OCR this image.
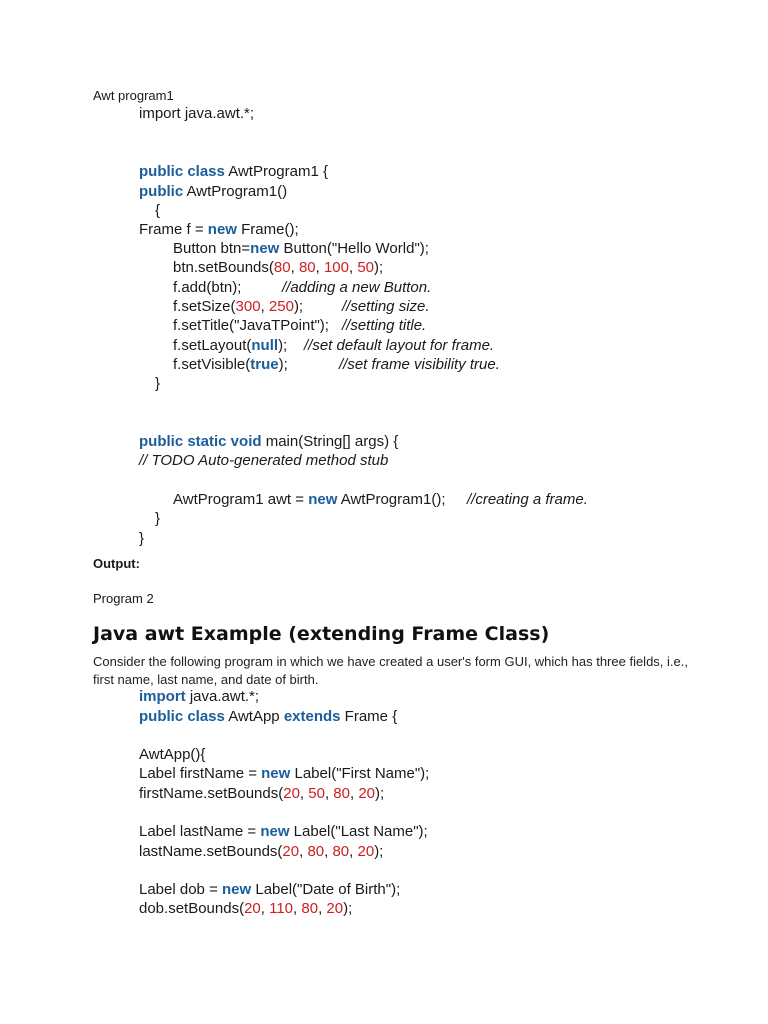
Awt program1
import java.awt.*;
public class AwtProgram1 {
public AwtProgram1()
{
Frame f = new Frame();
Button btn=new Button("Hello World");
btn.setBounds(80, 80, 100, 50);
f.add(btn);	//adding a new Button.
f.setSize(300, 250);	//setting size.
f.setTitle("JavaTPoint"); //setting title.
f.setLayout(null); //set default layout for frame.
f.setVisible(true);	//set frame visibility true.
}
public static void main(String[] args) {
// TODO Auto-generated method stub
AwtProgram1 awt = new AwtProgram1(); //creating a frame.
}
}
Output:
Program 2
Java awt Example (extending Frame Class)
Consider the following program in which we have created a user's form GUI, which has three fields, i.e., first name, last name, and date of birth.
import java.awt.*;
public class AwtApp extends Frame {
AwtApp(){
Label firstName = new Label("First Name");
firstName.setBounds(20, 50, 80, 20);
Label lastName = new Label("Last Name");
lastName.setBounds(20, 80, 80, 20);
Label dob = new Label("Date of Birth");
dob.setBounds(20, 110, 80, 20);
